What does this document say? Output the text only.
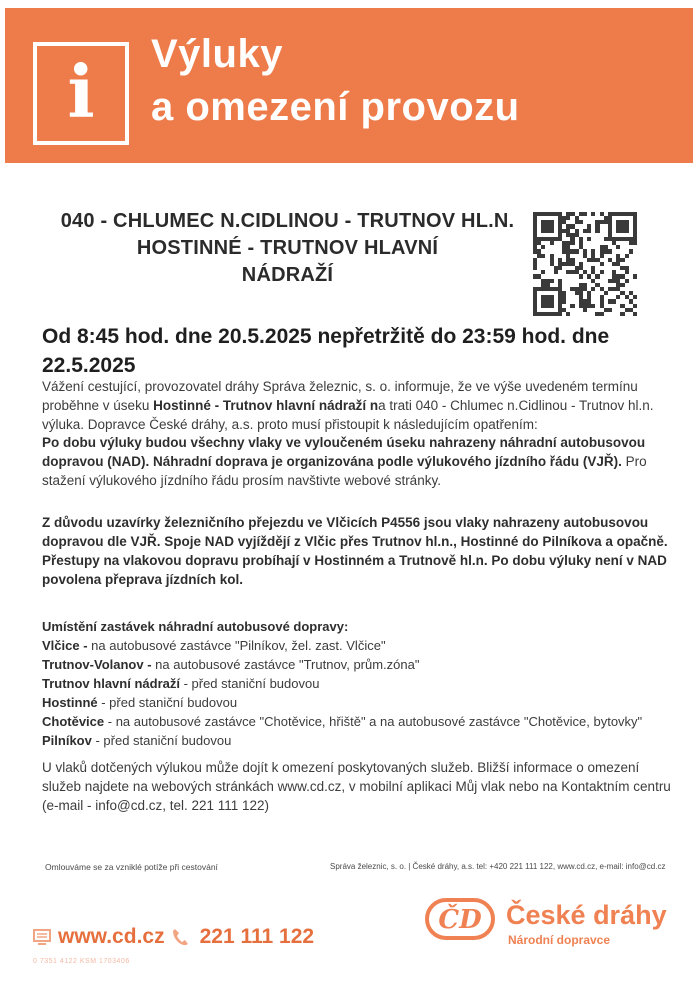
i Výluky
a omezení provozu
040 - CHLUMEC N.CIDLINOU - TRUTNOV HL.N.
HOSTINNÉ - TRUTNOV HLAVNÍ
NÁDRAŽÍ
Od 8:45 hod. dne 20.5.2025 nepřetržitě do 23:59 hod. dne 22.5.2025

Vážení cestující, provozovatel dráhy Správa železnic, s. o. informuje, že ve výše uvedeném termínu proběhne v úseku Hostinné - Trutnov hlavní nádraží na trati 040 - Chlumec n.Cidlinou - Trutnov hl.n. výluka. Dopravce České dráhy, a.s. proto musí přistoupit k následujícím opatřením:

Po dobu výluky budou všechny vlaky ve vyloučeném úseku nahrazeny náhradní autobusovou dopravou (NAD). Náhradní doprava je organizována podle výlukového jízdního řádu (VJŘ). Pro stažení výlukového jízdního řádu prosím navštivte webové stránky.

Z důvodu uzavírky železničního přejezdu ve Vlčicích P4556 jsou vlaky nahrazeny autobusovou dopravou dle VJŘ. Spoje NAD vyjíždějí z Vlčic přes Trutnov hl.n., Hostinné do Pilníkova a opačně. Přestupy na vlakovou dopravu probíhají v Hostinném a Trutnově hl.n. Po dobu výluky není v NAD povolena přeprava jízdních kol.

Umístění zastávek náhradní autobusové dopravy:
Vlčice - na autobusové zastávce "Pilníkov, žel. zast. Vlčice"
Trutnov-Volanov - na autobusové zastávce "Trutnov, prům.zóna"
Trutnov hlavní nádraží - před staniční budovou
Hostinné - před staniční budovou
Chotěvice - na autobusové zastávce "Chotěvice, hřiště" a na autobusové zastávce "Chotěvice, bytovky"
Pilníkov - před staniční budovou

U vlaků dotčených výlukou může dojít k omezení poskytovaných služeb. Bližší informace o omezení služeb najdete na webových stránkách www.cd.cz, v mobilní aplikaci Můj vlak nebo na Kontaktním centru (e-mail - info@cd.cz, tel. 221 111 122)

Omlouváme se za vzniklé potíže při cestování	Správa železnic, s. o. | České dráhy, a.s. tel: +420 221 111 122, www.cd.cz, e-mail: info@cd.cz
www.cd.cz 221 111 122
0 7351 4122 KSM 1703406
ČD České dráhy
Národní dopravce
